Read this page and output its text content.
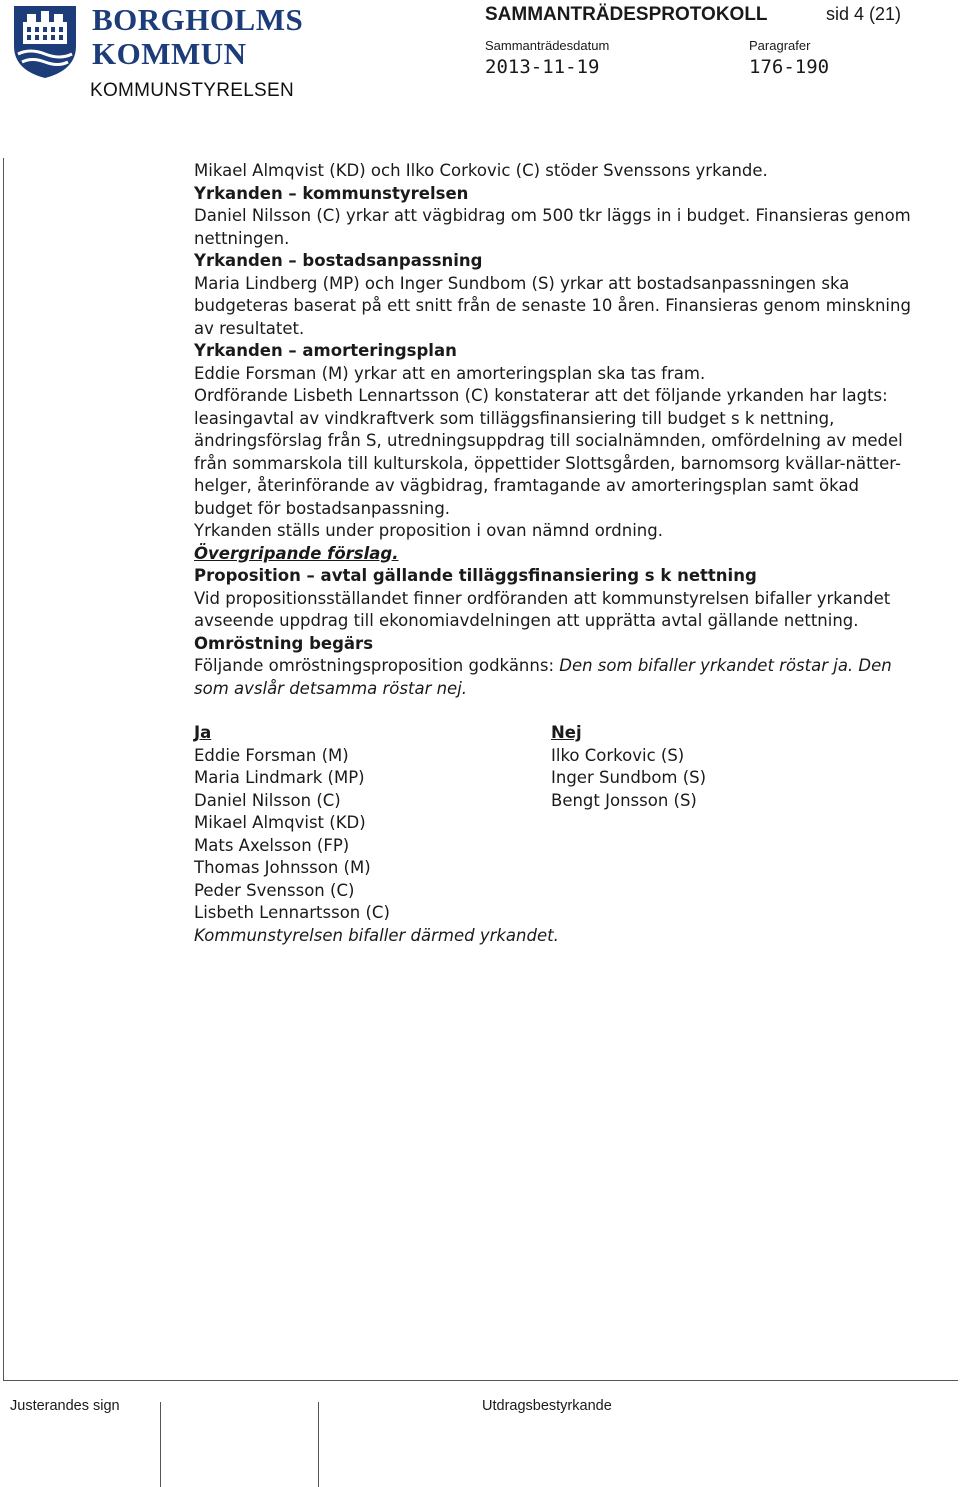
BORGHOLMS
KOMMUN
KOMMUNSTYRELSEN
SAMMANTRÄDESPROTOKOLL	sid 4 (21)
Sammanträdesdatum
2013-11-19
Paragrafer
176-190

Mikael Almqvist (KD) och Ilko Corkovic (C) stöder Svenssons yrkande.

Yrkanden – kommunstyrelsen
Daniel Nilsson (C) yrkar att vägbidrag om 500 tkr läggs in i budget. Finansieras genom nettningen.

Yrkanden – bostadsanpassning
Maria Lindberg (MP) och Inger Sundbom (S) yrkar att bostadsanpassningen ska budgeteras baserat på ett snitt från de senaste 10 åren. Finansieras genom minskning av resultatet.

Yrkanden – amorteringsplan
Eddie Forsman (M) yrkar att en amorteringsplan ska tas fram.

Ordförande Lisbeth Lennartsson (C) konstaterar att det följande yrkanden har lagts: leasingavtal av vindkraftverk som tilläggsfinansiering till budget s k nettning, ändringsförslag från S, utredningsuppdrag till socialnämnden, omfördelning av medel från sommarskola till kulturskola, öppettider Slottsgården, barnomsorg kvällar-nätter-helger, återinförande av vägbidrag, framtagande av amorteringsplan samt ökad budget för bostadsanpassning.

Yrkanden ställs under proposition i ovan nämnd ordning.

Övergripande förslag.

Proposition – avtal gällande tilläggsfinansiering s k nettning
Vid propositionsställandet finner ordföranden att kommunstyrelsen bifaller yrkandet avseende uppdrag till ekonomiavdelningen att upprätta avtal gällande nettning.

Omröstning begärs
Följande omröstningsproposition godkänns: Den som bifaller yrkandet röstar ja. Den som avslår detsamma röstar nej.

Ja
Eddie Forsman (M)
Maria Lindmark (MP)
Daniel Nilsson (C)
Mikael Almqvist (KD)
Mats Axelsson (FP)
Thomas Johnsson (M)
Peder Svensson (C)
Lisbeth Lennartsson (C)
Nej
Ilko Corkovic (S)
Inger Sundbom (S)
Bengt Jonsson (S)

Kommunstyrelsen bifaller därmed yrkandet.

Justerandes sign	Utdragsbestyrkande
